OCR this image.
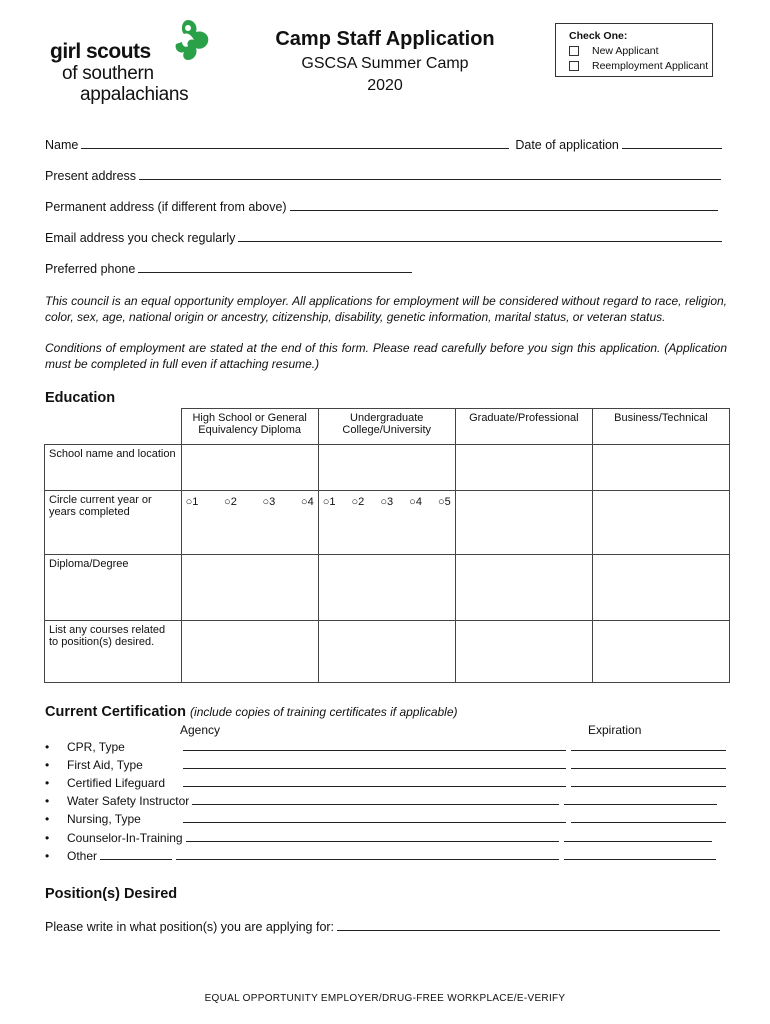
girl scouts
of southern
appalachians
Camp Staff Application
GSCSA Summer Camp
2020
Check One:
New Applicant
Reemployment Applicant
Name	Date of application
Present address
Permanent address (if different from above)
Email address you check regularly
Preferred phone
This council is an equal opportunity employer. All applications for employment will be considered without regard to race, religion, color, sex, age, national origin or ancestry, citizenship, disability, genetic information, marital status, or veteran status.
Conditions of employment are stated at the end of this form. Please read carefully before you sign this application. (Application must be completed in full even if attaching resume.)
Education
	High School or General Equivalency Diploma	Undergraduate College/University	Graduate/Professional	Business/Technical
School name and location				
Circle current year or years completed	○1 ○2 ○3 ○4	○1 ○2 ○3 ○4 ○5		

Diploma/Degree				
List any courses related to position(s) desired.				
Current Certification (include copies of training certificates if applicable)
Agency	Expiration
•	CPR, Type
•	First Aid, Type
•	Certified Lifeguard
•	Water Safety Instructor
•	Nursing, Type
•	Counselor-In-Training
•	Other
Position(s) Desired
Please write in what position(s) you are applying for:
EQUAL OPPORTUNITY EMPLOYER/DRUG-FREE WORKPLACE/E-VERIFY
